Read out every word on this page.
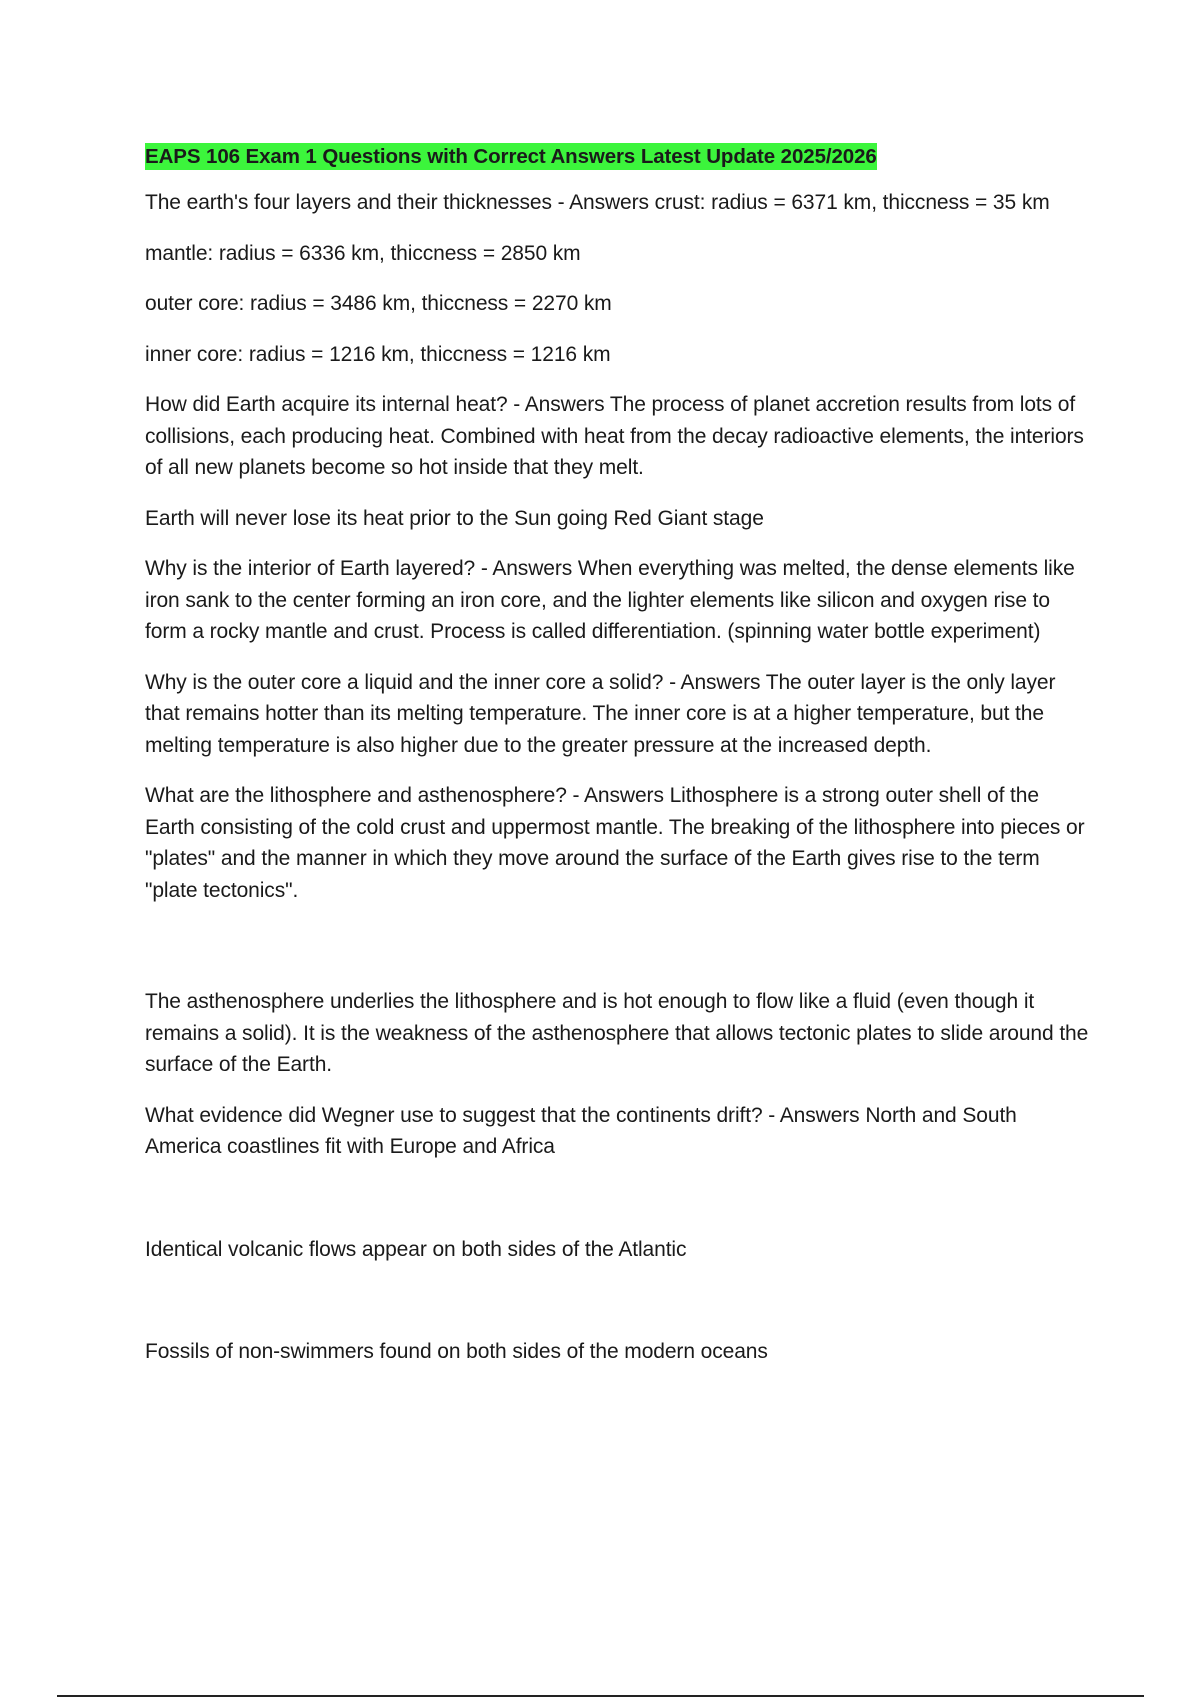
EAPS 106 Exam 1 Questions with Correct Answers Latest Update 2025/2026

The earth's four layers and their thicknesses - Answers crust: radius = 6371 km, thiccness = 35 km

mantle: radius = 6336 km, thiccness = 2850 km

outer core: radius = 3486 km, thiccness = 2270 km

inner core: radius = 1216 km, thiccness = 1216 km

How did Earth acquire its internal heat? - Answers The process of planet accretion results from lots of collisions, each producing heat. Combined with heat from the decay radioactive elements, the interiors of all new planets become so hot inside that they melt.

Earth will never lose its heat prior to the Sun going Red Giant stage

Why is the interior of Earth layered? - Answers When everything was melted, the dense elements like iron sank to the center forming an iron core, and the lighter elements like silicon and oxygen rise to form a rocky mantle and crust. Process is called differentiation. (spinning water bottle experiment)

Why is the outer core a liquid and the inner core a solid? - Answers The outer layer is the only layer that remains hotter than its melting temperature. The inner core is at a higher temperature, but the melting temperature is also higher due to the greater pressure at the increased depth.

What are the lithosphere and asthenosphere? - Answers Lithosphere is a strong outer shell of the Earth consisting of the cold crust and uppermost mantle. The breaking of the lithosphere into pieces or "plates" and the manner in which they move around the surface of the Earth gives rise to the term "plate tectonics".

The asthenosphere underlies the lithosphere and is hot enough to flow like a fluid (even though it remains a solid). It is the weakness of the asthenosphere that allows tectonic plates to slide around the surface of the Earth.

What evidence did Wegner use to suggest that the continents drift? - Answers North and South America coastlines fit with Europe and Africa

Identical volcanic flows appear on both sides of the Atlantic

Fossils of non-swimmers found on both sides of the modern oceans
